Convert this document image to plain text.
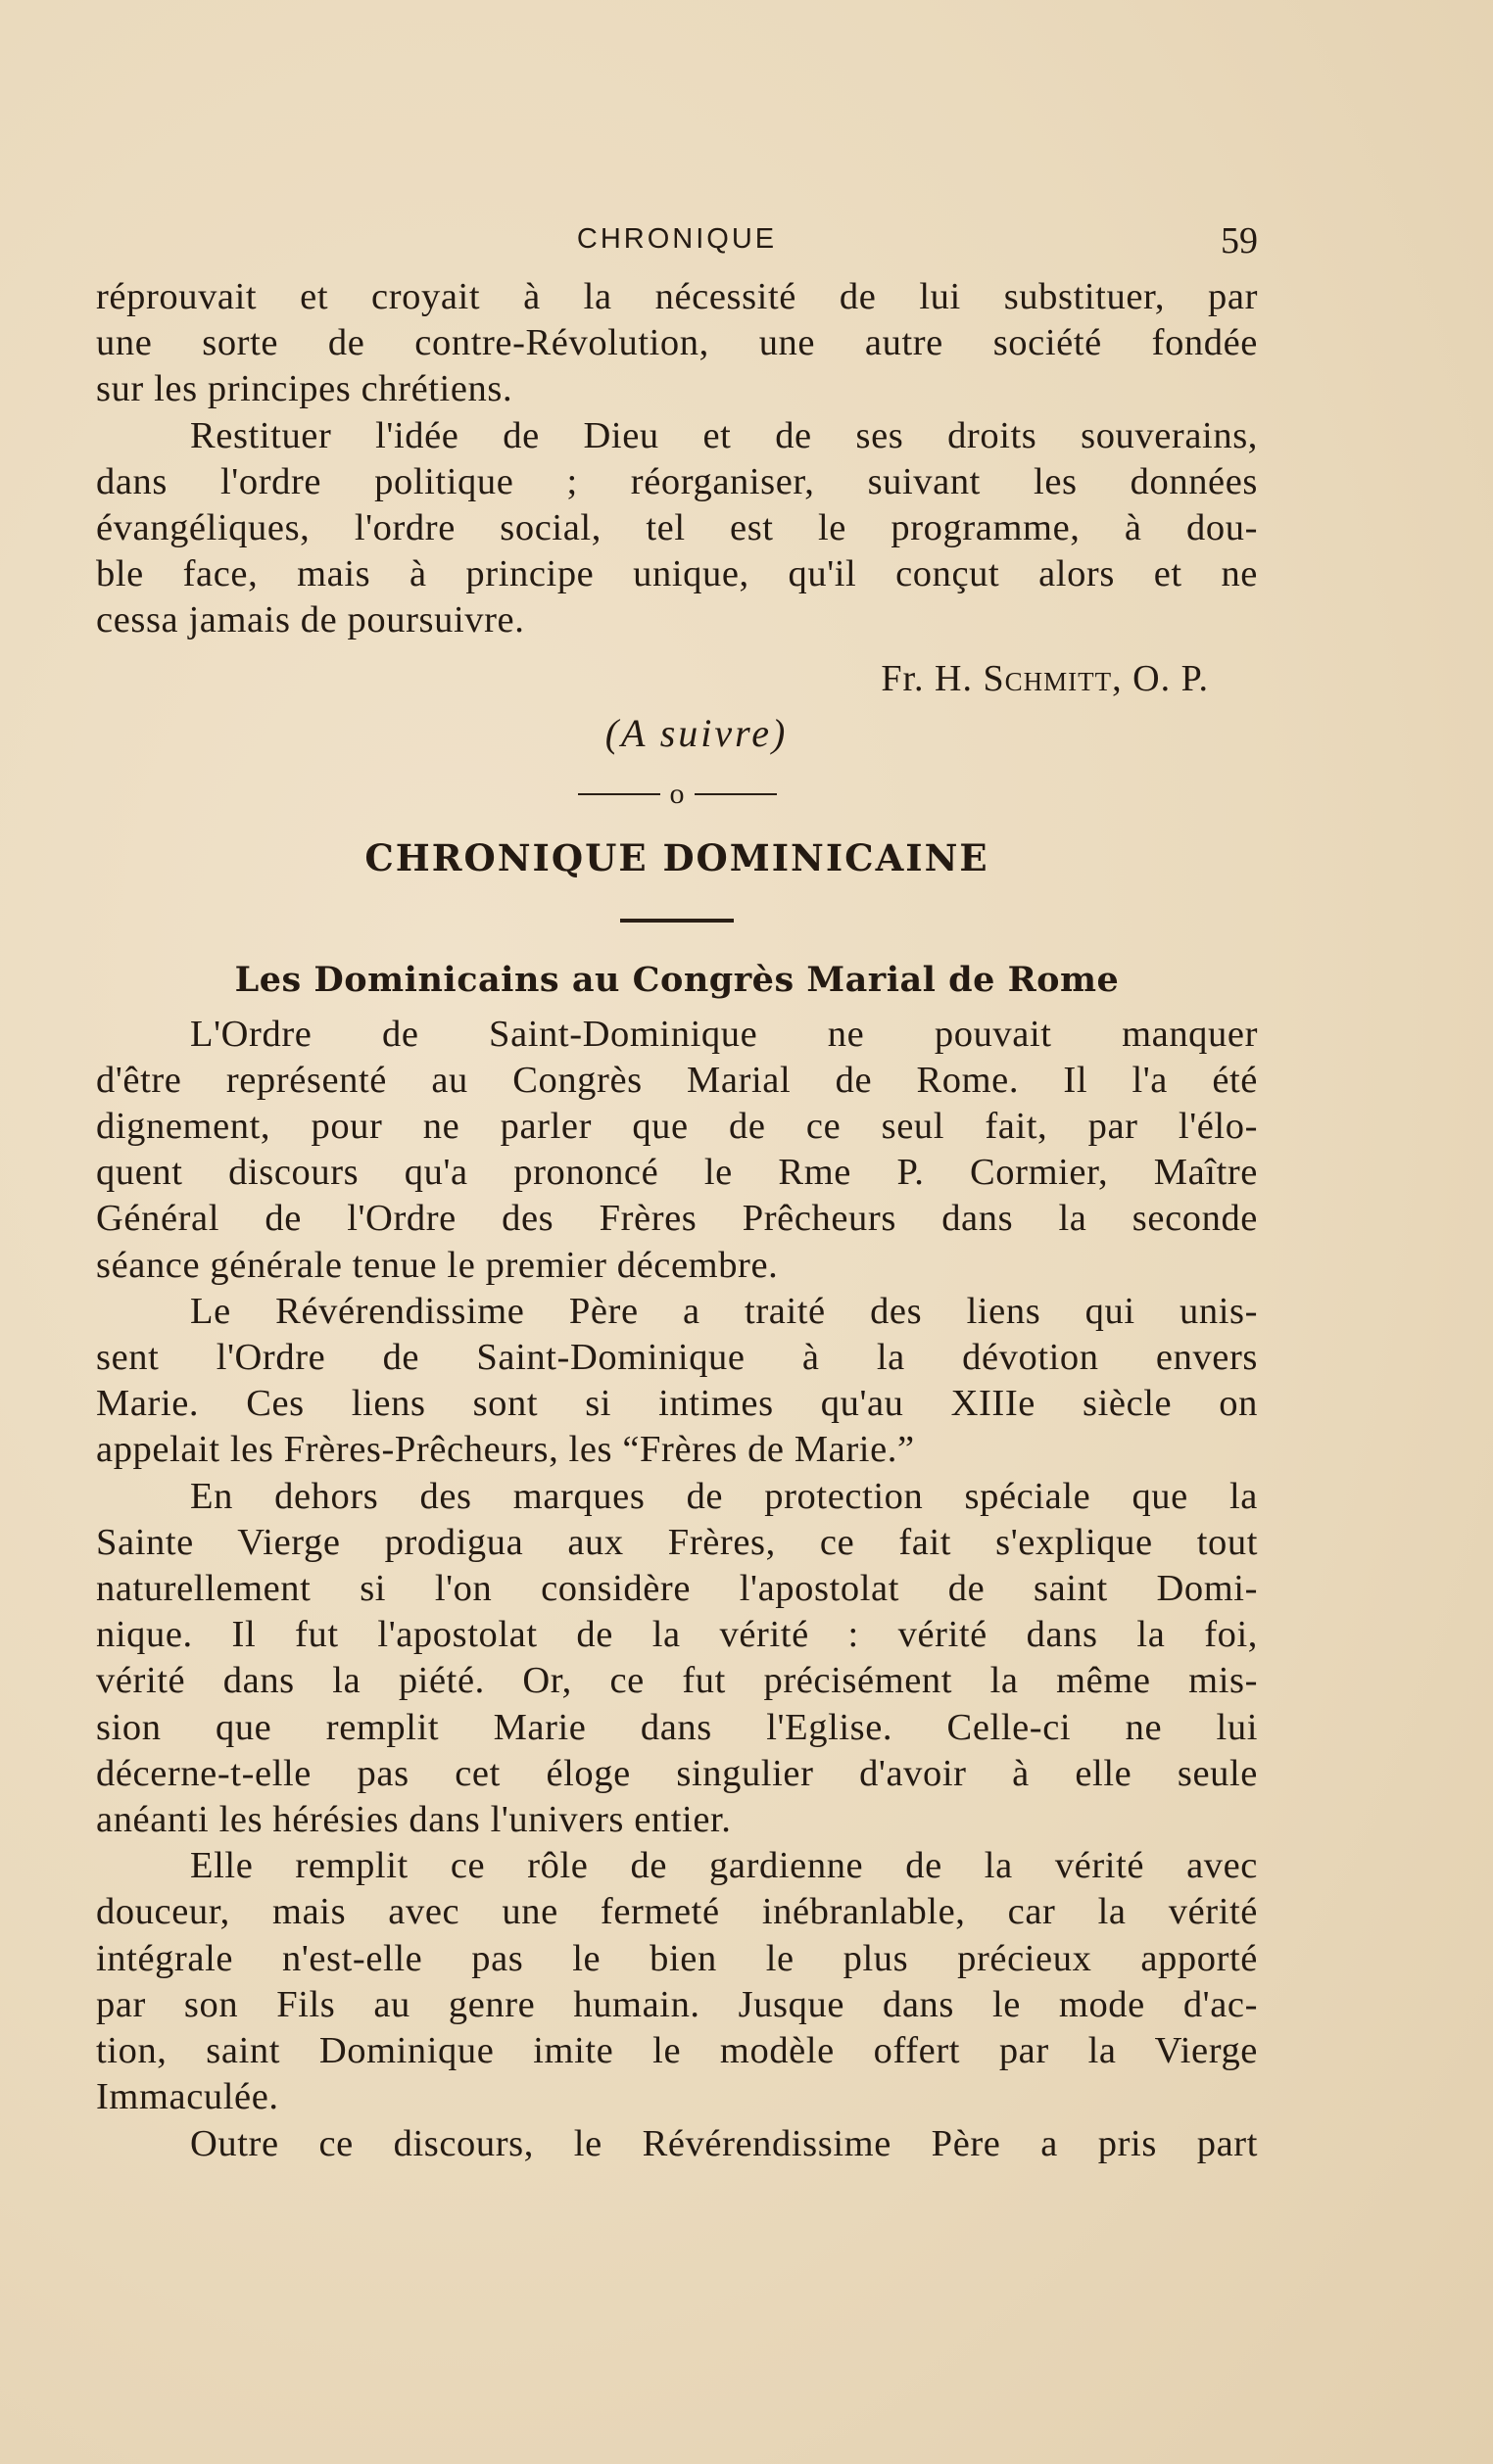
CHRONIQUE	59

réprouvait et croyait à la nécessité de lui substituer, par

une sorte de contre-Révolution, une autre société fondée

sur les principes chrétiens.

Restituer l'idée de Dieu et de ses droits souverains,

dans l'ordre politique ; réorganiser, suivant les données

évangéliques, l'ordre social, tel est le programme, à dou-

ble face, mais à principe unique, qu'il conçut alors et ne

cessa jamais de poursuivre.

Fr. H. Schmitt, O. P.
(A suivre)
o
CHRONIQUE DOMINICAINE
Les Dominicains au Congrès Marial de Rome

L'Ordre de Saint-Dominique ne pouvait manquer

d'être représenté au Congrès Marial de Rome. Il l'a été

dignement, pour ne parler que de ce seul fait, par l'élo-

quent discours qu'a prononcé le Rme P. Cormier, Maître

Général de l'Ordre des Frères Prêcheurs dans la seconde

séance générale tenue le premier décembre.

Le Révérendissime Père a traité des liens qui unis-

sent l'Ordre de Saint-Dominique à la dévotion envers

Marie. Ces liens sont si intimes qu'au XIIIe siècle on

appelait les Frères-Prêcheurs, les “Frères de Marie.”

En dehors des marques de protection spéciale que la

Sainte Vierge prodigua aux Frères, ce fait s'explique tout

naturellement si l'on considère l'apostolat de saint Domi-

nique. Il fut l'apostolat de la vérité : vérité dans la foi,

vérité dans la piété. Or, ce fut précisément la même mis-

sion que remplit Marie dans l'Eglise. Celle-ci ne lui

décerne-t-elle pas cet éloge singulier d'avoir à elle seule

anéanti les hérésies dans l'univers entier.

Elle remplit ce rôle de gardienne de la vérité avec

douceur, mais avec une fermeté inébranlable, car la vérité

intégrale n'est-elle pas le bien le plus précieux apporté

par son Fils au genre humain. Jusque dans le mode d'ac-

tion, saint Dominique imite le modèle offert par la Vierge

Immaculée.

Outre ce discours, le Révérendissime Père a pris part
